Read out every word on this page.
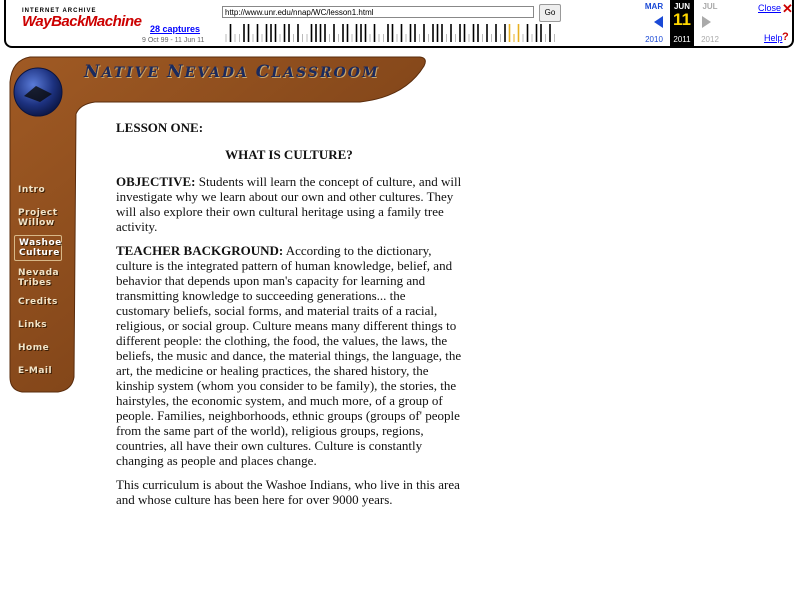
INTERNET ARCHIVE
WayBackMachine 28 captures
9 Oct 99 - 11 Jun 11
http://www.unr.edu/nnap/WC/lesson1.html	Go
MAR
2010
JUN
11
2011
JUL
2012
Close ✕
Help ?
NATIVE NEVADA CLASSROOM
Intro
Project Willow
Washoe Culture
Nevada Tribes
Credits
Links
Home
E-Mail

LESSON ONE:

WHAT IS CULTURE?

OBJECTIVE: Students will learn the concept of culture, and will investigate why we learn about our own and other cultures. They will also explore their own cultural heritage using a family tree activity.

TEACHER BACKGROUND: According to the dictionary, culture is the integrated pattern of human knowledge, belief, and behavior that depends upon man's capacity for learning and transmitting knowledge to succeeding generations... the customary beliefs, social forms, and material traits of a racial, religious, or social group. Culture means many different things to different people: the clothing, the food, the values, the laws, the beliefs, the music and dance, the material things, the language, the art, the medicine or healing practices, the shared history, the kinship system (whom you consider to be family), the stories, the hairstyles, the economic system, and much more, of a group of people. Families, neighborhoods, ethnic groups (groups of' people from the same part of the world), religious groups, regions, countries, all have their own cultures. Culture is constantly changing as people and places change.

This curriculum is about the Washoe Indians, who live in this area and whose culture has been here for over 9000 years.
